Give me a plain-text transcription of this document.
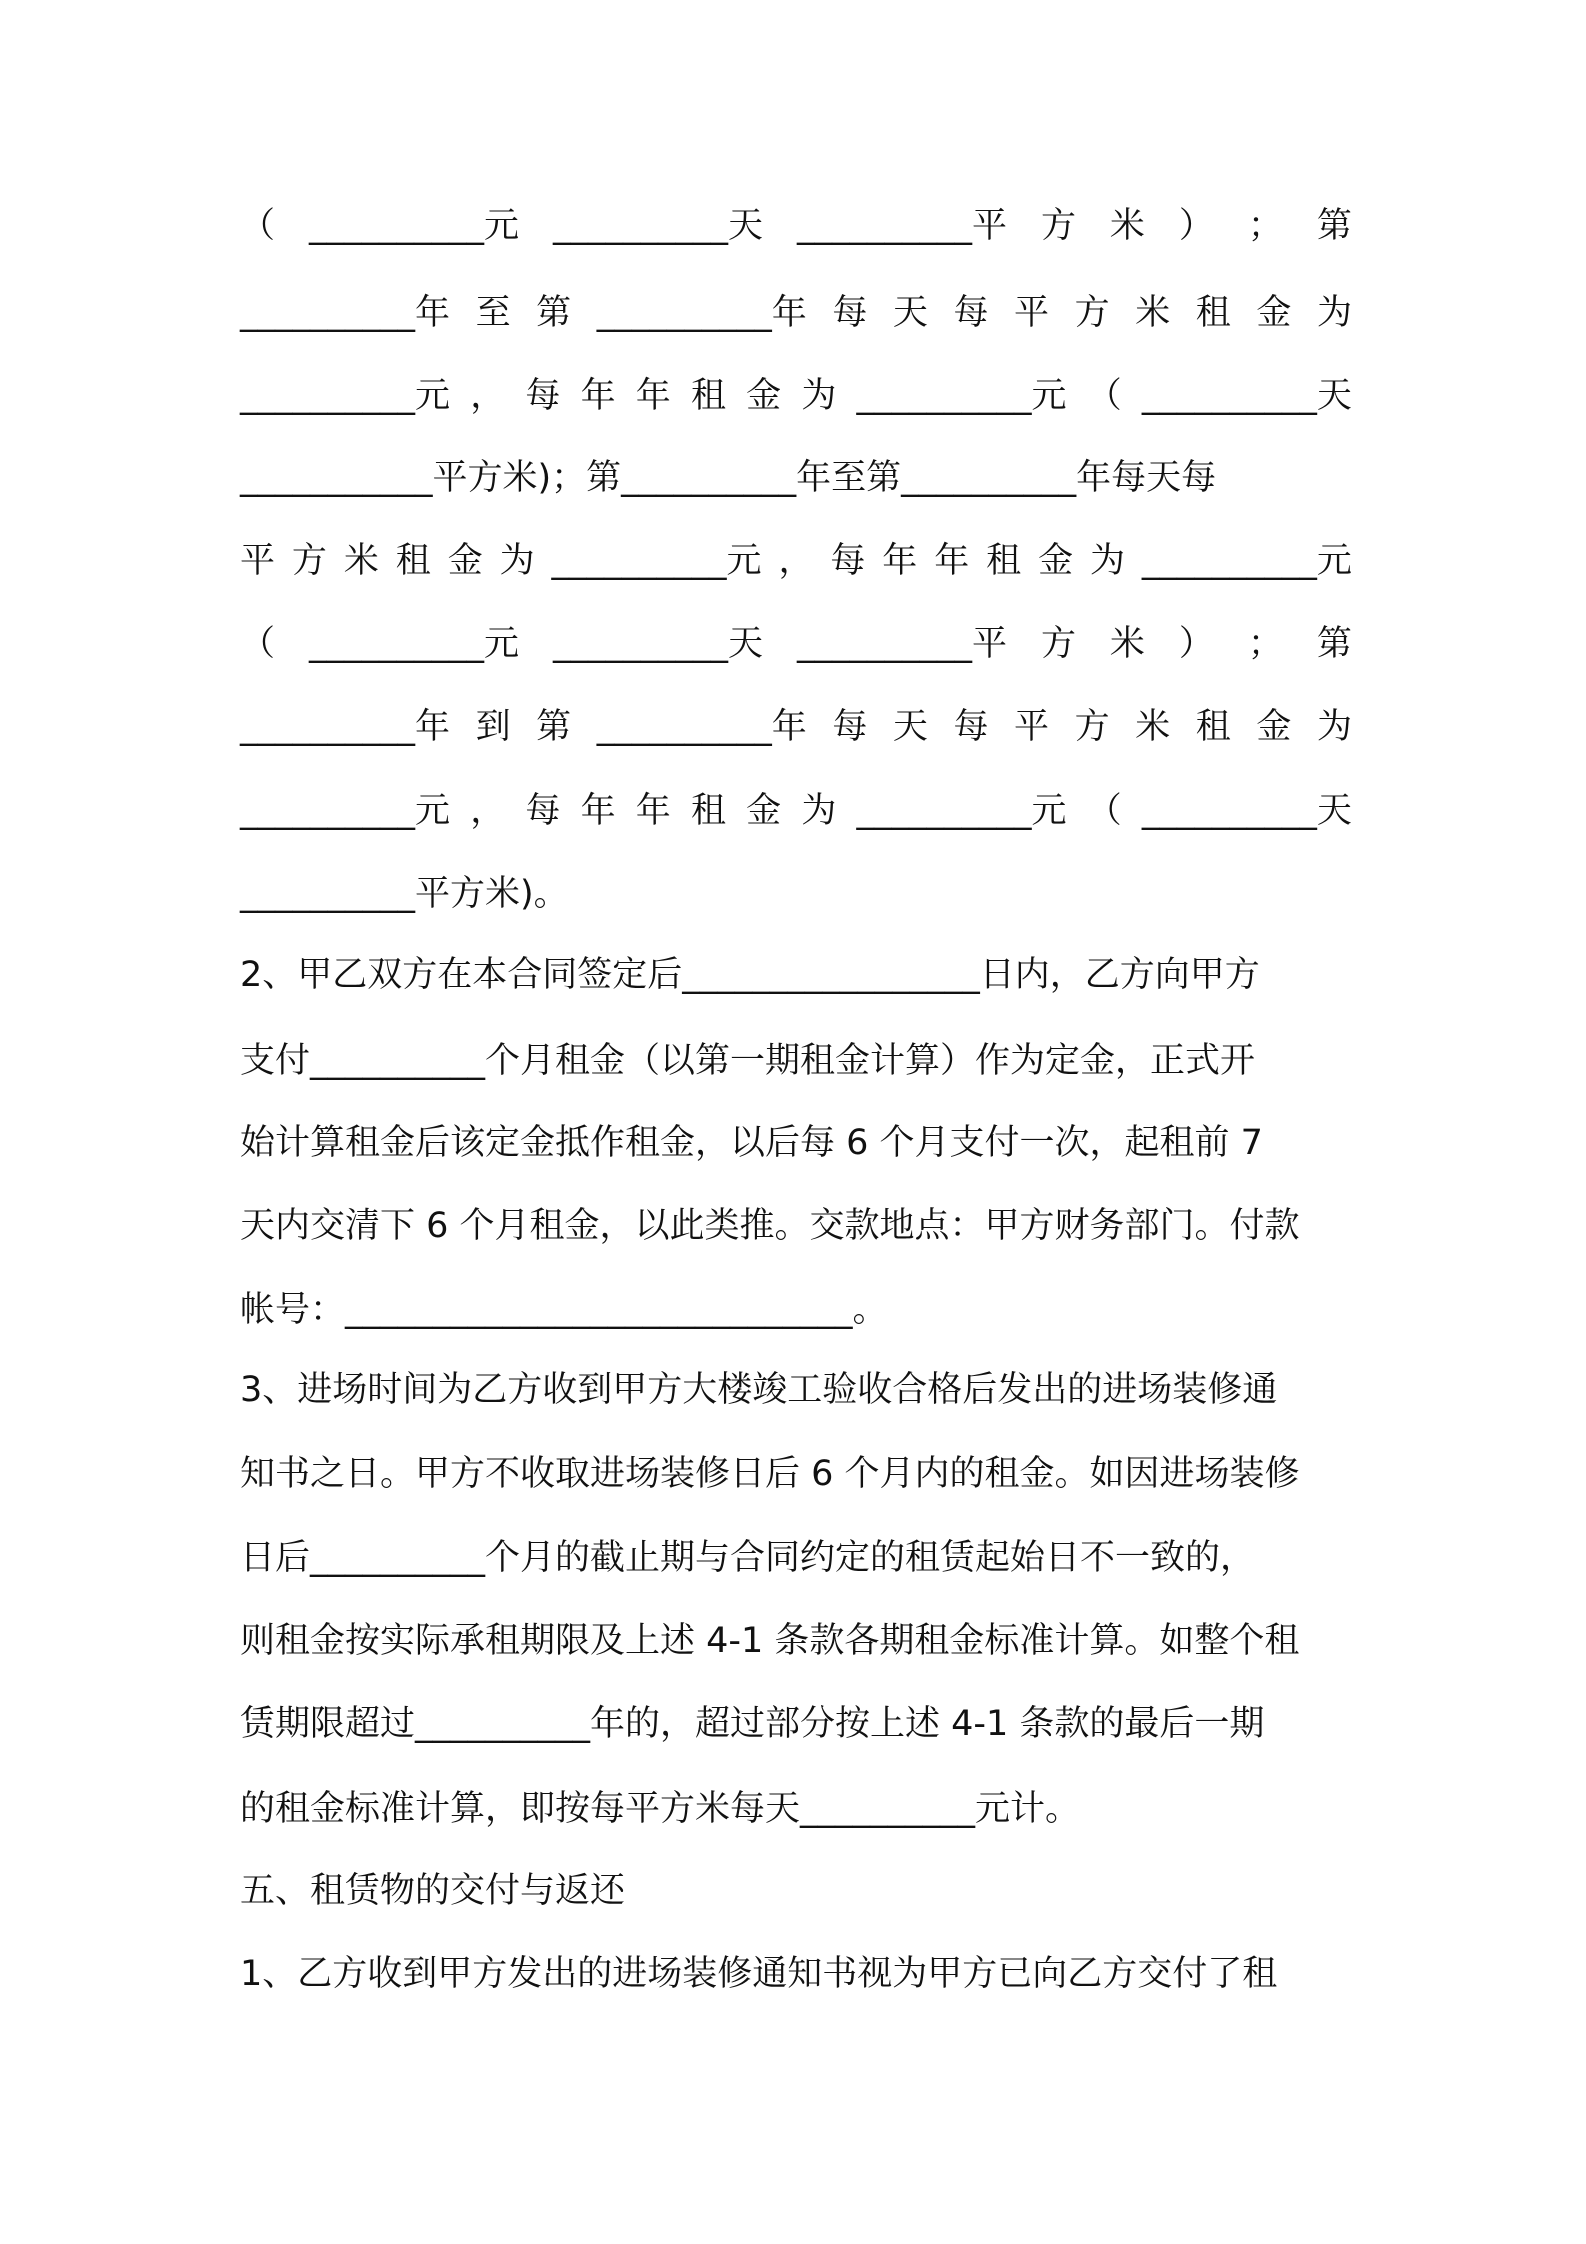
（ __________元 __________天 __________平 方 米 ） ； 第
__________年 至 第 __________年 每 天 每 平 方 米 租 金 为
__________元 ， 每 年 年 租 金 为 __________元 （ __________天
___________平方米)；第__________年至第__________年每天每
平 方 米 租 金 为 __________元 ， 每 年 年 租 金 为 __________元
（ __________元 __________天 __________平 方 米 ） ； 第
__________年 到 第 __________年 每 天 每 平 方 米 租 金 为
__________元 ， 每 年 年 租 金 为 __________元 （ __________天
__________平方米)。
2、甲乙双方在本合同签定后_________________日内，乙方向甲方
支付__________个月租金（以第一期租金计算）作为定金，正式开
始计算租金后该定金抵作租金，以后每 6 个月支付一次，起租前 7
天内交清下 6 个月租金，以此类推。交款地点：甲方财务部门。付款
帐号：_____________________________。
3、进场时间为乙方收到甲方大楼竣工验收合格后发出的进场装修通
知书之日。甲方不收取进场装修日后 6 个月内的租金。如因进场装修
日后__________个月的截止期与合同约定的租赁起始日不一致的，
则租金按实际承租期限及上述 4-1 条款各期租金标准计算。如整个租
赁期限超过__________年的，超过部分按上述 4-1 条款的最后一期
的租金标准计算，即按每平方米每天__________元计。
五、租赁物的交付与返还
1、乙方收到甲方发出的进场装修通知书视为甲方已向乙方交付了租
